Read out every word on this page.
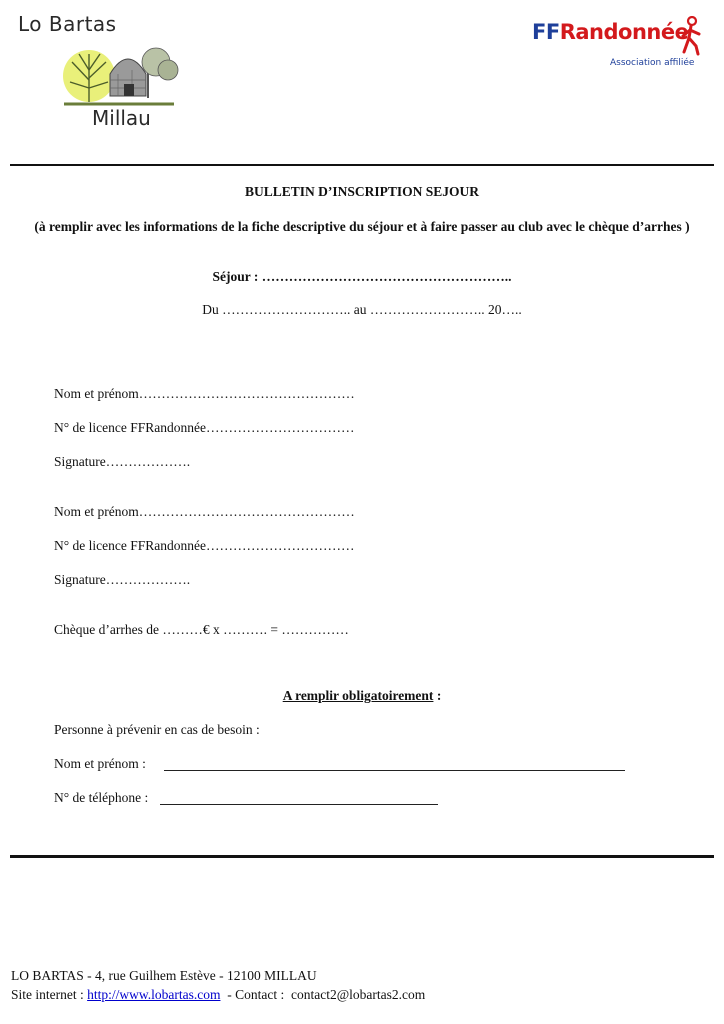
Lo Bartas
Millau
FFRandonnée
Association affiliée
BULLETIN D’INSCRIPTION SEJOUR
(à remplir avec les informations de la fiche descriptive du séjour et à faire passer au club avec le chèque d’arrhes )
Séjour : ………………………………………………..
Du ……………………….. au …………………….. 20…..
Nom et prénom…………………………………………
N° de licence FFRandonnée……………………………
Signature……………….
Nom et prénom…………………………………………
N° de licence FFRandonnée……………………………
Signature……………….
Chèque d’arrhes de ………€ x ………. = ……………
A remplir obligatoirement :
Personne à prévenir en cas de besoin :
Nom et prénom :
N° de téléphone :
LO BARTAS - 4, rue Guilhem Estève - 12100 MILLAU
Site internet : http://www.lobartas.com  - Contact :  contact2@lobartas2.com
